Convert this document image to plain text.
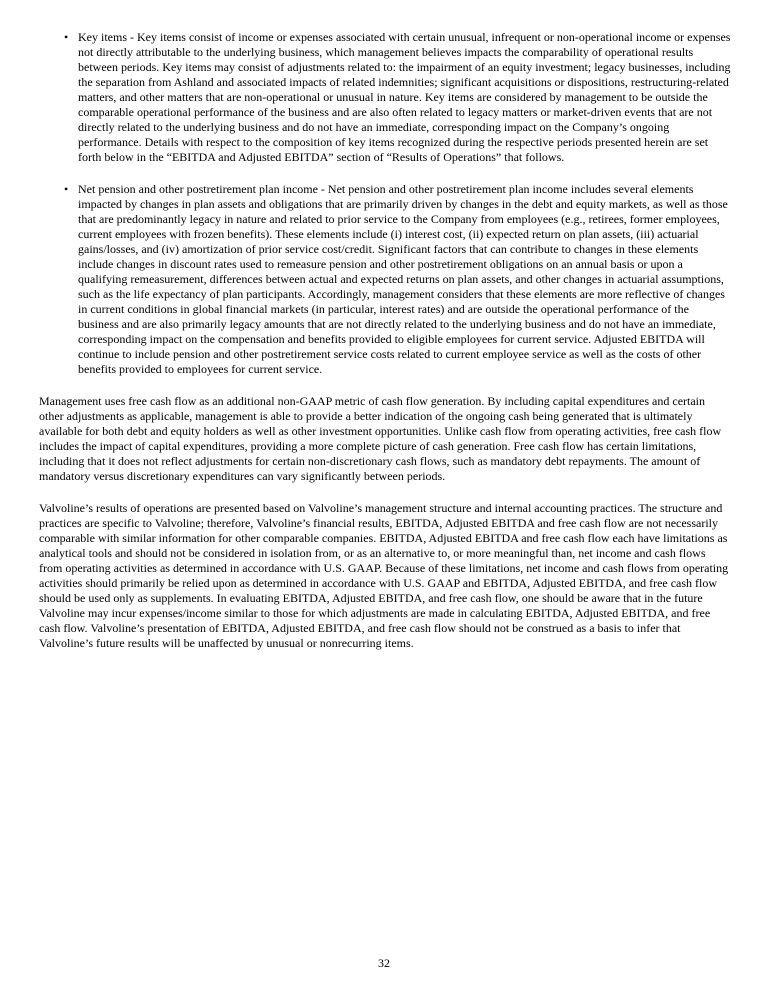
• Key items - Key items consist of income or expenses associated with certain unusual, infrequent or non-operational income or expenses not directly attributable to the underlying business, which management believes impacts the comparability of operational results between periods. Key items may consist of adjustments related to: the impairment of an equity investment; legacy businesses, including the separation from Ashland and associated impacts of related indemnities; significant acquisitions or dispositions, restructuring-related matters, and other matters that are non-operational or unusual in nature. Key items are considered by management to be outside the comparable operational performance of the business and are also often related to legacy matters or market-driven events that are not directly related to the underlying business and do not have an immediate, corresponding impact on the Company’s ongoing performance. Details with respect to the composition of key items recognized during the respective periods presented herein are set forth below in the “EBITDA and Adjusted EBITDA” section of “Results of Operations” that follows.

• Net pension and other postretirement plan income - Net pension and other postretirement plan income includes several elements impacted by changes in plan assets and obligations that are primarily driven by changes in the debt and equity markets, as well as those that are predominantly legacy in nature and related to prior service to the Company from employees (e.g., retirees, former employees, current employees with frozen benefits). These elements include (i) interest cost, (ii) expected return on plan assets, (iii) actuarial gains/losses, and (iv) amortization of prior service cost/credit. Significant factors that can contribute to changes in these elements include changes in discount rates used to remeasure pension and other postretirement obligations on an annual basis or upon a qualifying remeasurement, differences between actual and expected returns on plan assets, and other changes in actuarial assumptions, such as the life expectancy of plan participants. Accordingly, management considers that these elements are more reflective of changes in current conditions in global financial markets (in particular, interest rates) and are outside the operational performance of the business and are also primarily legacy amounts that are not directly related to the underlying business and do not have an immediate, corresponding impact on the compensation and benefits provided to eligible employees for current service. Adjusted EBITDA will continue to include pension and other postretirement service costs related to current employee service as well as the costs of other benefits provided to employees for current service.

Management uses free cash flow as an additional non-GAAP metric of cash flow generation. By including capital expenditures and certain other adjustments as applicable, management is able to provide a better indication of the ongoing cash being generated that is ultimately available for both debt and equity holders as well as other investment opportunities. Unlike cash flow from operating activities, free cash flow includes the impact of capital expenditures, providing a more complete picture of cash generation. Free cash flow has certain limitations, including that it does not reflect adjustments for certain non-discretionary cash flows, such as mandatory debt repayments. The amount of mandatory versus discretionary expenditures can vary significantly between periods.

Valvoline’s results of operations are presented based on Valvoline’s management structure and internal accounting practices. The structure and practices are specific to Valvoline; therefore, Valvoline’s financial results, EBITDA, Adjusted EBITDA and free cash flow are not necessarily comparable with similar information for other comparable companies. EBITDA, Adjusted EBITDA and free cash flow each have limitations as analytical tools and should not be considered in isolation from, or as an alternative to, or more meaningful than, net income and cash flows from operating activities as determined in accordance with U.S. GAAP. Because of these limitations, net income and cash flows from operating activities should primarily be relied upon as determined in accordance with U.S. GAAP and EBITDA, Adjusted EBITDA, and free cash flow should be used only as supplements. In evaluating EBITDA, Adjusted EBITDA, and free cash flow, one should be aware that in the future Valvoline may incur expenses/income similar to those for which adjustments are made in calculating EBITDA, Adjusted EBITDA, and free cash flow. Valvoline’s presentation of EBITDA, Adjusted EBITDA, and free cash flow should not be construed as a basis to infer that Valvoline’s future results will be unaffected by unusual or nonrecurring items.

32
